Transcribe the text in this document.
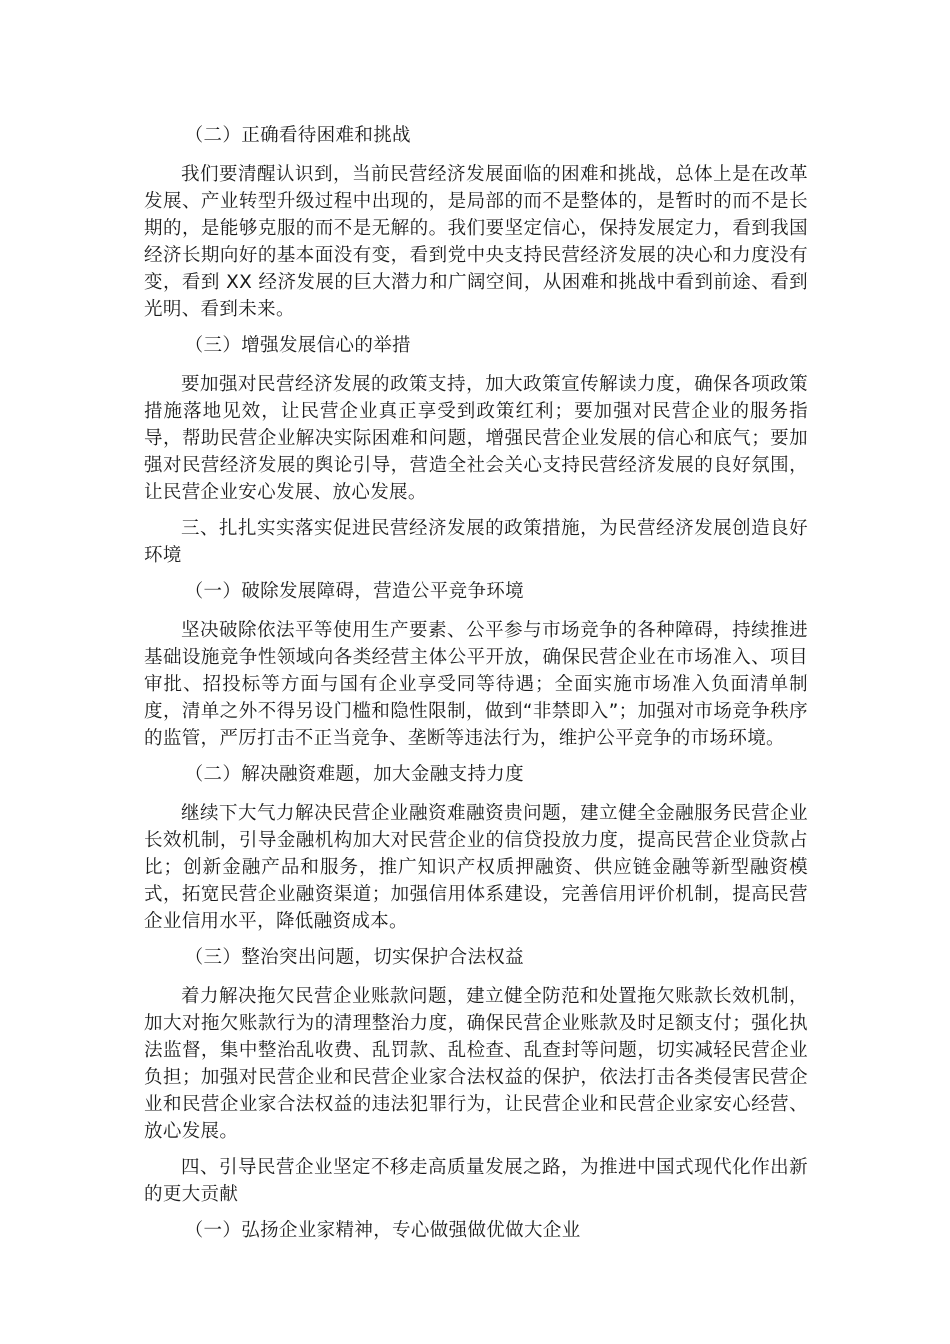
（二）正确看待困难和挑战

我们要清醒认识到，当前民营经济发展面临的困难和挑战，总体上是在改革发展、产业转型升级过程中出现的，是局部的而不是整体的，是暂时的而不是长期的，是能够克服的而不是无解的。我们要坚定信心，保持发展定力，看到我国经济长期向好的基本面没有变，看到党中央支持民营经济发展的决心和力度没有变，看到 XX 经济发展的巨大潜力和广阔空间，从困难和挑战中看到前途、看到光明、看到未来。

（三）增强发展信心的举措

要加强对民营经济发展的政策支持，加大政策宣传解读力度，确保各项政策措施落地见效，让民营企业真正享受到政策红利；要加强对民营企业的服务指导，帮助民营企业解决实际困难和问题，增强民营企业发展的信心和底气；要加强对民营经济发展的舆论引导，营造全社会关心支持民营经济发展的良好氛围，让民营企业安心发展、放心发展。

三、扎扎实实落实促进民营经济发展的政策措施，为民营经济发展创造良好环境

（一）破除发展障碍，营造公平竞争环境

坚决破除依法平等使用生产要素、公平参与市场竞争的各种障碍，持续推进基础设施竞争性领域向各类经营主体公平开放，确保民营企业在市场准入、项目审批、招投标等方面与国有企业享受同等待遇；全面实施市场准入负面清单制度，清单之外不得另设门槛和隐性限制，做到“非禁即入”；加强对市场竞争秩序的监管，严厉打击不正当竞争、垄断等违法行为，维护公平竞争的市场环境。

（二）解决融资难题，加大金融支持力度

继续下大气力解决民营企业融资难融资贵问题，建立健全金融服务民营企业长效机制，引导金融机构加大对民营企业的信贷投放力度，提高民营企业贷款占比；创新金融产品和服务，推广知识产权质押融资、供应链金融等新型融资模式，拓宽民营企业融资渠道；加强信用体系建设，完善信用评价机制，提高民营企业信用水平，降低融资成本。

（三）整治突出问题，切实保护合法权益

着力解决拖欠民营企业账款问题，建立健全防范和处置拖欠账款长效机制，加大对拖欠账款行为的清理整治力度，确保民营企业账款及时足额支付；强化执法监督，集中整治乱收费、乱罚款、乱检查、乱查封等问题，切实减轻民营企业负担；加强对民营企业和民营企业家合法权益的保护，依法打击各类侵害民营企业和民营企业家合法权益的违法犯罪行为，让民营企业和民营企业家安心经营、放心发展。

四、引导民营企业坚定不移走高质量发展之路，为推进中国式现代化作出新的更大贡献

（一）弘扬企业家精神，专心做强做优做大企业
